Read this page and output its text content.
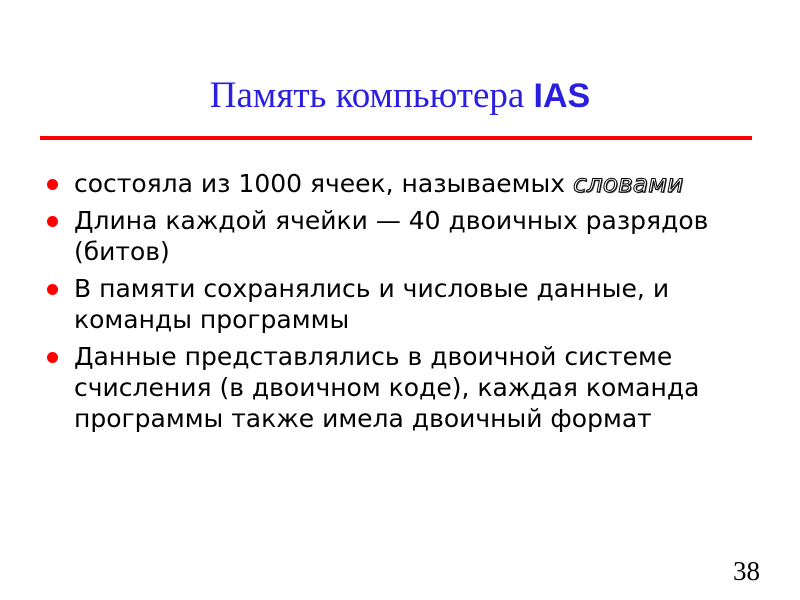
Память компьютера IAS
состояла из 1000 ячеек, называемых словами
Длина каждой ячейки — 40 двоичных разрядов (битов)
В памяти сохранялись и числовые данные, и команды программы
Данные представлялись в двоичной системе счисления (в двоичном коде), каждая команда программы также имела двоичный формат
38
